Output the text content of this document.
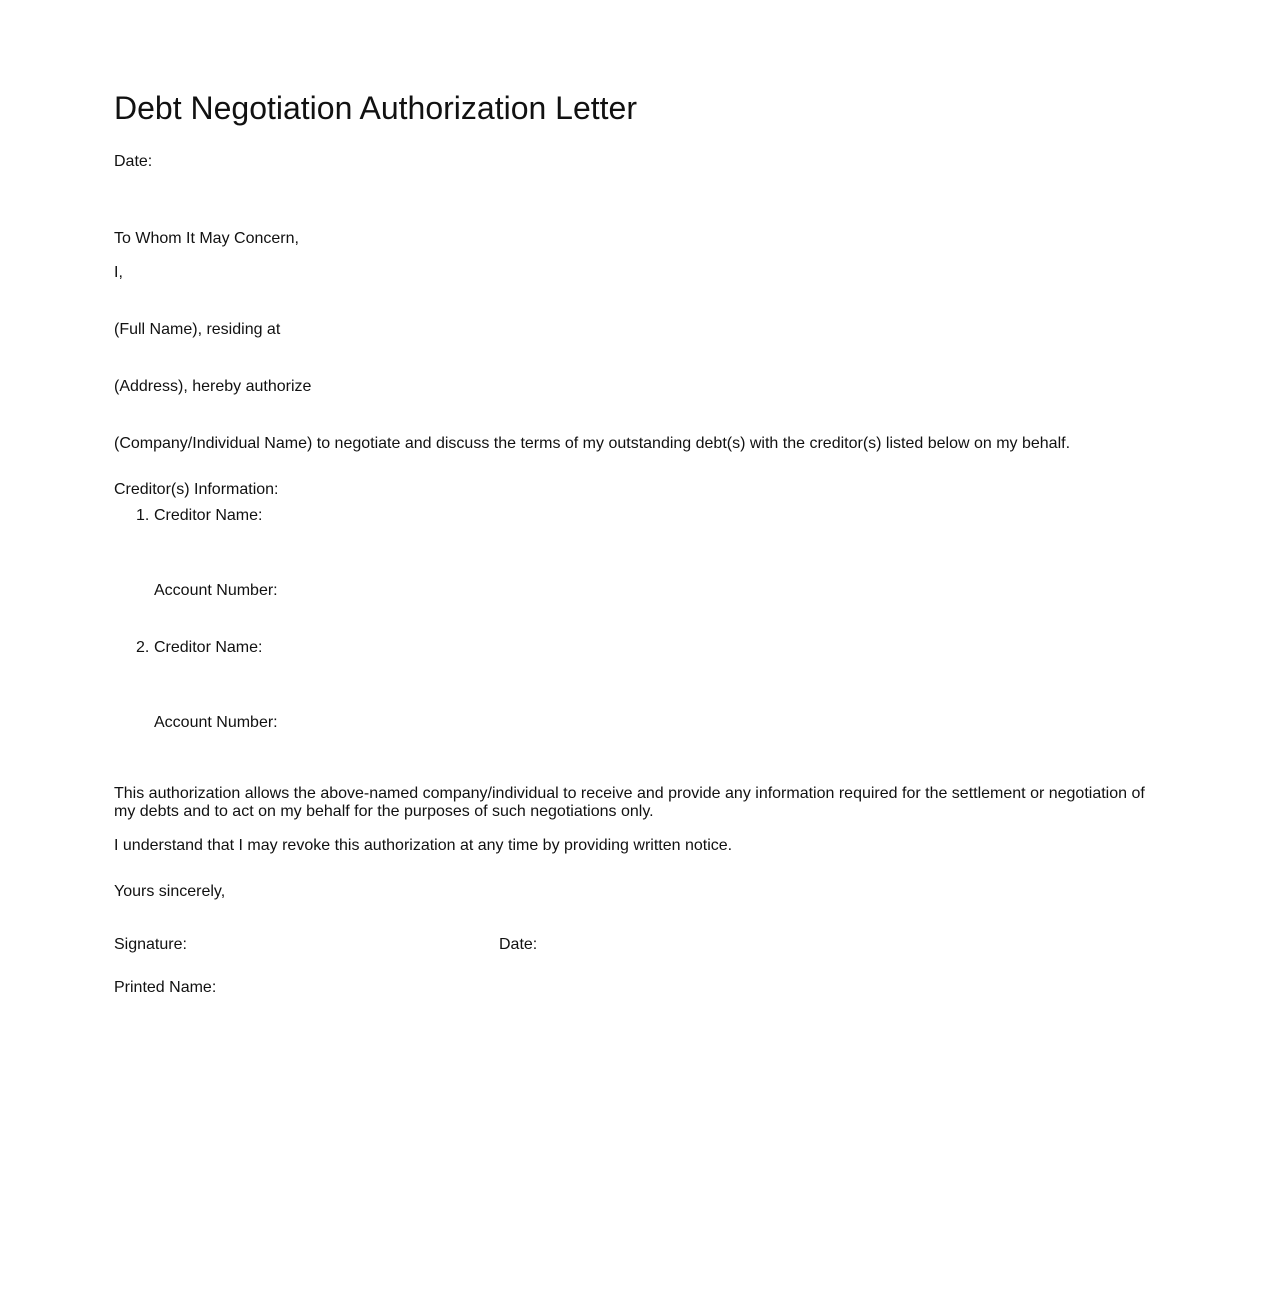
Debt Negotiation Authorization Letter
Date:
To Whom It May Concern,
I,
(Full Name), residing at
(Address), hereby authorize
(Company/Individual Name) to negotiate and discuss the terms of my outstanding debt(s) with the creditor(s) listed below on my behalf.
Creditor(s) Information:
1. Creditor Name:
Account Number:
2. Creditor Name:
Account Number:
This authorization allows the above-named company/individual to receive and provide any information required for the settlement or negotiation of my debts and to act on my behalf for the purposes of such negotiations only.
I understand that I may revoke this authorization at any time by providing written notice.
Yours sincerely,
Signature:	Date:
Printed Name:
